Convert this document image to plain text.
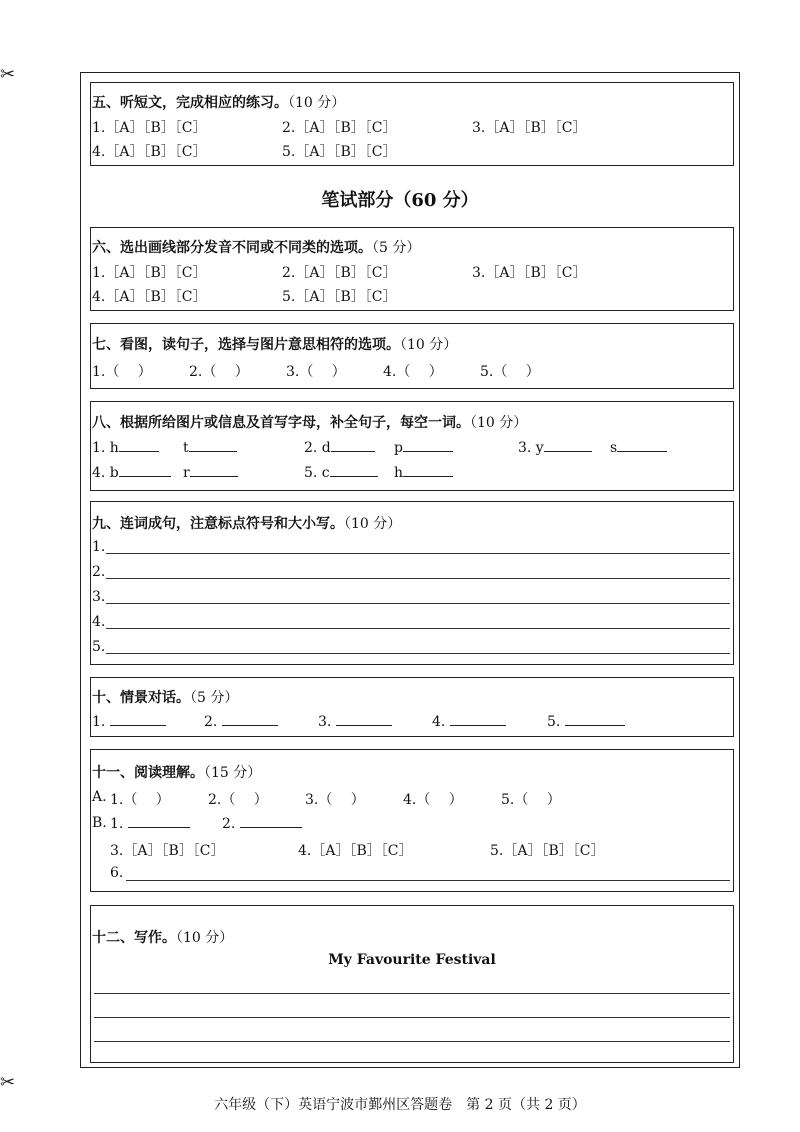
✂
✂
五、听短文，完成相应的练习。（10 分）
1.［A］［B］［C］	2.［A］［B］［C］	3.［A］［B］［C］
4.［A］［B］［C］	5.［A］［B］［C］
笔试部分（60 分）
六、选出画线部分发音不同或不同类的选项。（5 分）
1.［A］［B］［C］	2.［A］［B］［C］	3.［A］［B］［C］
4.［A］［B］［C］	5.［A］［B］［C］
七、看图，读句子，选择与图片意思相符的选项。（10 分）
1.（　 ）	2.（　 ）	3.（　 ）	4.（　 ）	5.（　 ）
八、根据所给图片或信息及首写字母，补全句子，每空一词。（10 分）
1. h	t	2. d	p	3. y	s
4. b	r	5. c	h
九、连词成句，注意标点符号和大小写。（10 分）
1.
2.
3.
4.
5.
十、情景对话。（5 分）
1.	2.	3.	4.	5.
十一、阅读理解。（15 分）
A. 1.（　 ）	2.（　 ）	3.（　 ）	4.（　 ）	5.（　 ）
B. 1.	2.
3.［A］［B］［C］	4.［A］［B］［C］	5.［A］［B］［C］
6.
十二、写作。（10 分）
My Favourite Festival
六年级（下）英语宁波市鄞州区答题卷　第 2 页（共 2 页）
